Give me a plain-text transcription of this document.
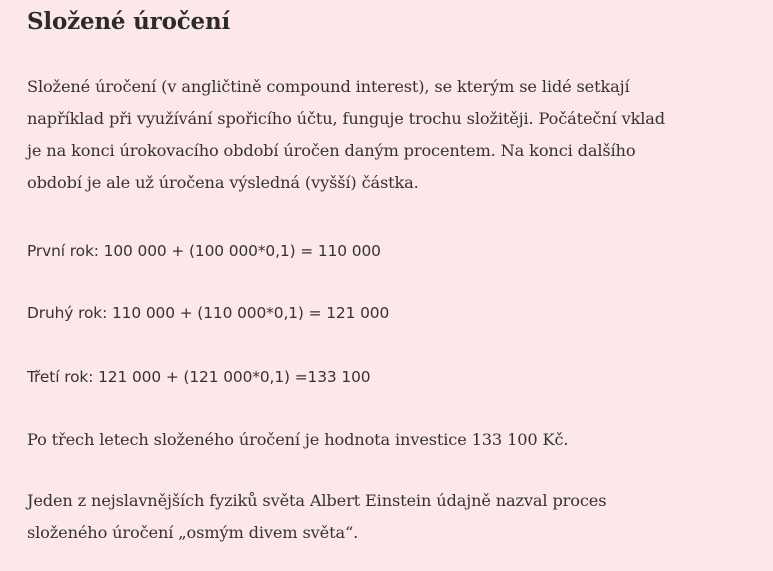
Složené úročení

Složené úročení (v angličtině compound interest), se kterým se lidé setkají
například při využívání spořicího účtu, funguje trochu složitěji. Počáteční vklad
je na konci úrokovacího období úročen daným procentem. Na konci dalšího
období je ale už úročena výsledná (vyšší) částka.

První rok: 100 000 + (100 000*0,1) = 110 000

Druhý rok: 110 000 + (110 000*0,1) = 121 000

Třetí rok: 121 000 + (121 000*0,1) =133 100

Po třech letech složeného úročení je hodnota investice 133 100 Kč.

Jeden z nejslavnějších fyziků světa Albert Einstein údajně nazval proces
složeného úročení „osmým divem světa“.
